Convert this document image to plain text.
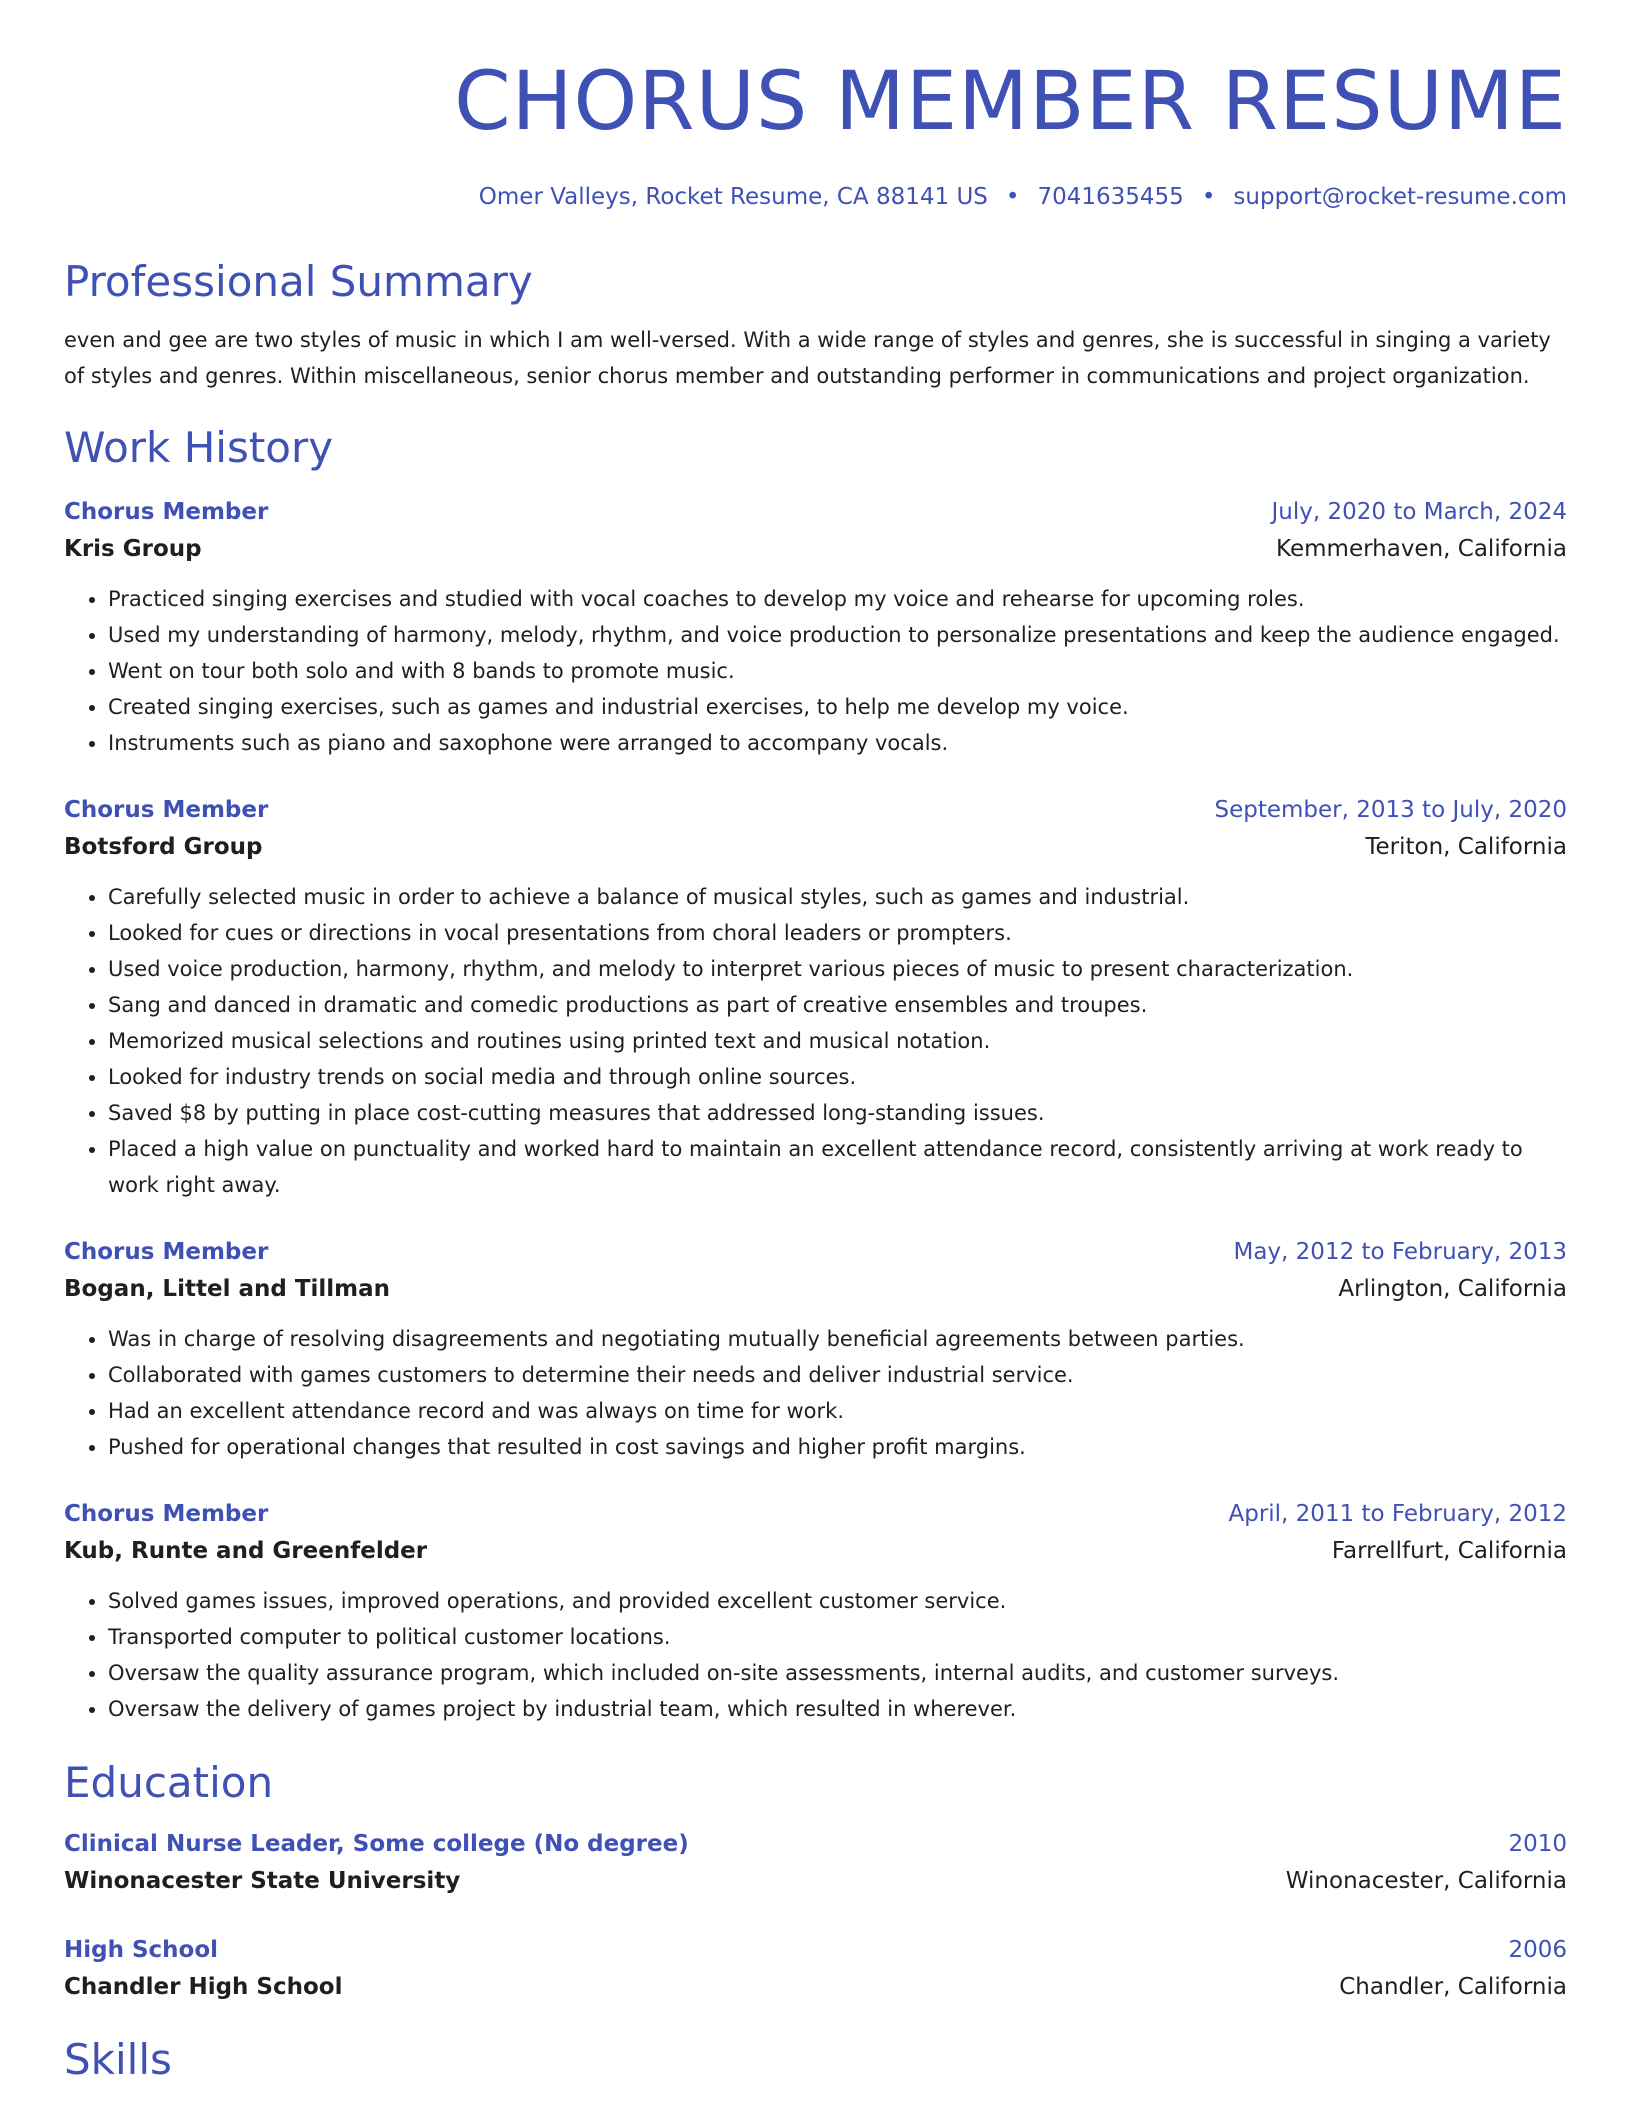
CHORUS MEMBER RESUME
Omer Valleys, Rocket Resume, CA 88141 US • 7041635455 • support@rocket-resume.com
Professional Summary
even and gee are two styles of music in which I am well-versed. With a wide range of styles and genres, she is successful in singing a variety of styles and genres. Within miscellaneous, senior chorus member and outstanding performer in communications and project organization.
Work History
Chorus Member	July, 2020 to March, 2024
Kris Group	Kemmerhaven, California
• Practiced singing exercises and studied with vocal coaches to develop my voice and rehearse for upcoming roles.
• Used my understanding of harmony, melody, rhythm, and voice production to personalize presentations and keep the audience engaged.
• Went on tour both solo and with 8 bands to promote music.
• Created singing exercises, such as games and industrial exercises, to help me develop my voice.
• Instruments such as piano and saxophone were arranged to accompany vocals.
Chorus Member	September, 2013 to July, 2020
Botsford Group	Teriton, California
• Carefully selected music in order to achieve a balance of musical styles, such as games and industrial.
• Looked for cues or directions in vocal presentations from choral leaders or prompters.
• Used voice production, harmony, rhythm, and melody to interpret various pieces of music to present characterization.
• Sang and danced in dramatic and comedic productions as part of creative ensembles and troupes.
• Memorized musical selections and routines using printed text and musical notation.
• Looked for industry trends on social media and through online sources.
• Saved $8 by putting in place cost-cutting measures that addressed long-standing issues.
• Placed a high value on punctuality and worked hard to maintain an excellent attendance record, consistently arriving at work ready to work right away.
Chorus Member	May, 2012 to February, 2013
Bogan, Littel and Tillman	Arlington, California
• Was in charge of resolving disagreements and negotiating mutually beneficial agreements between parties.
• Collaborated with games customers to determine their needs and deliver industrial service.
• Had an excellent attendance record and was always on time for work.
• Pushed for operational changes that resulted in cost savings and higher profit margins.
Chorus Member	April, 2011 to February, 2012
Kub, Runte and Greenfelder	Farrellfurt, California
• Solved games issues, improved operations, and provided excellent customer service.
• Transported computer to political customer locations.
• Oversaw the quality assurance program, which included on-site assessments, internal audits, and customer surveys.
• Oversaw the delivery of games project by industrial team, which resulted in wherever.
Education
Clinical Nurse Leader, Some college (No degree)	2010
Winonacester State University	Winonacester, California
High School	2006
Chandler High School	Chandler, California
Skills
